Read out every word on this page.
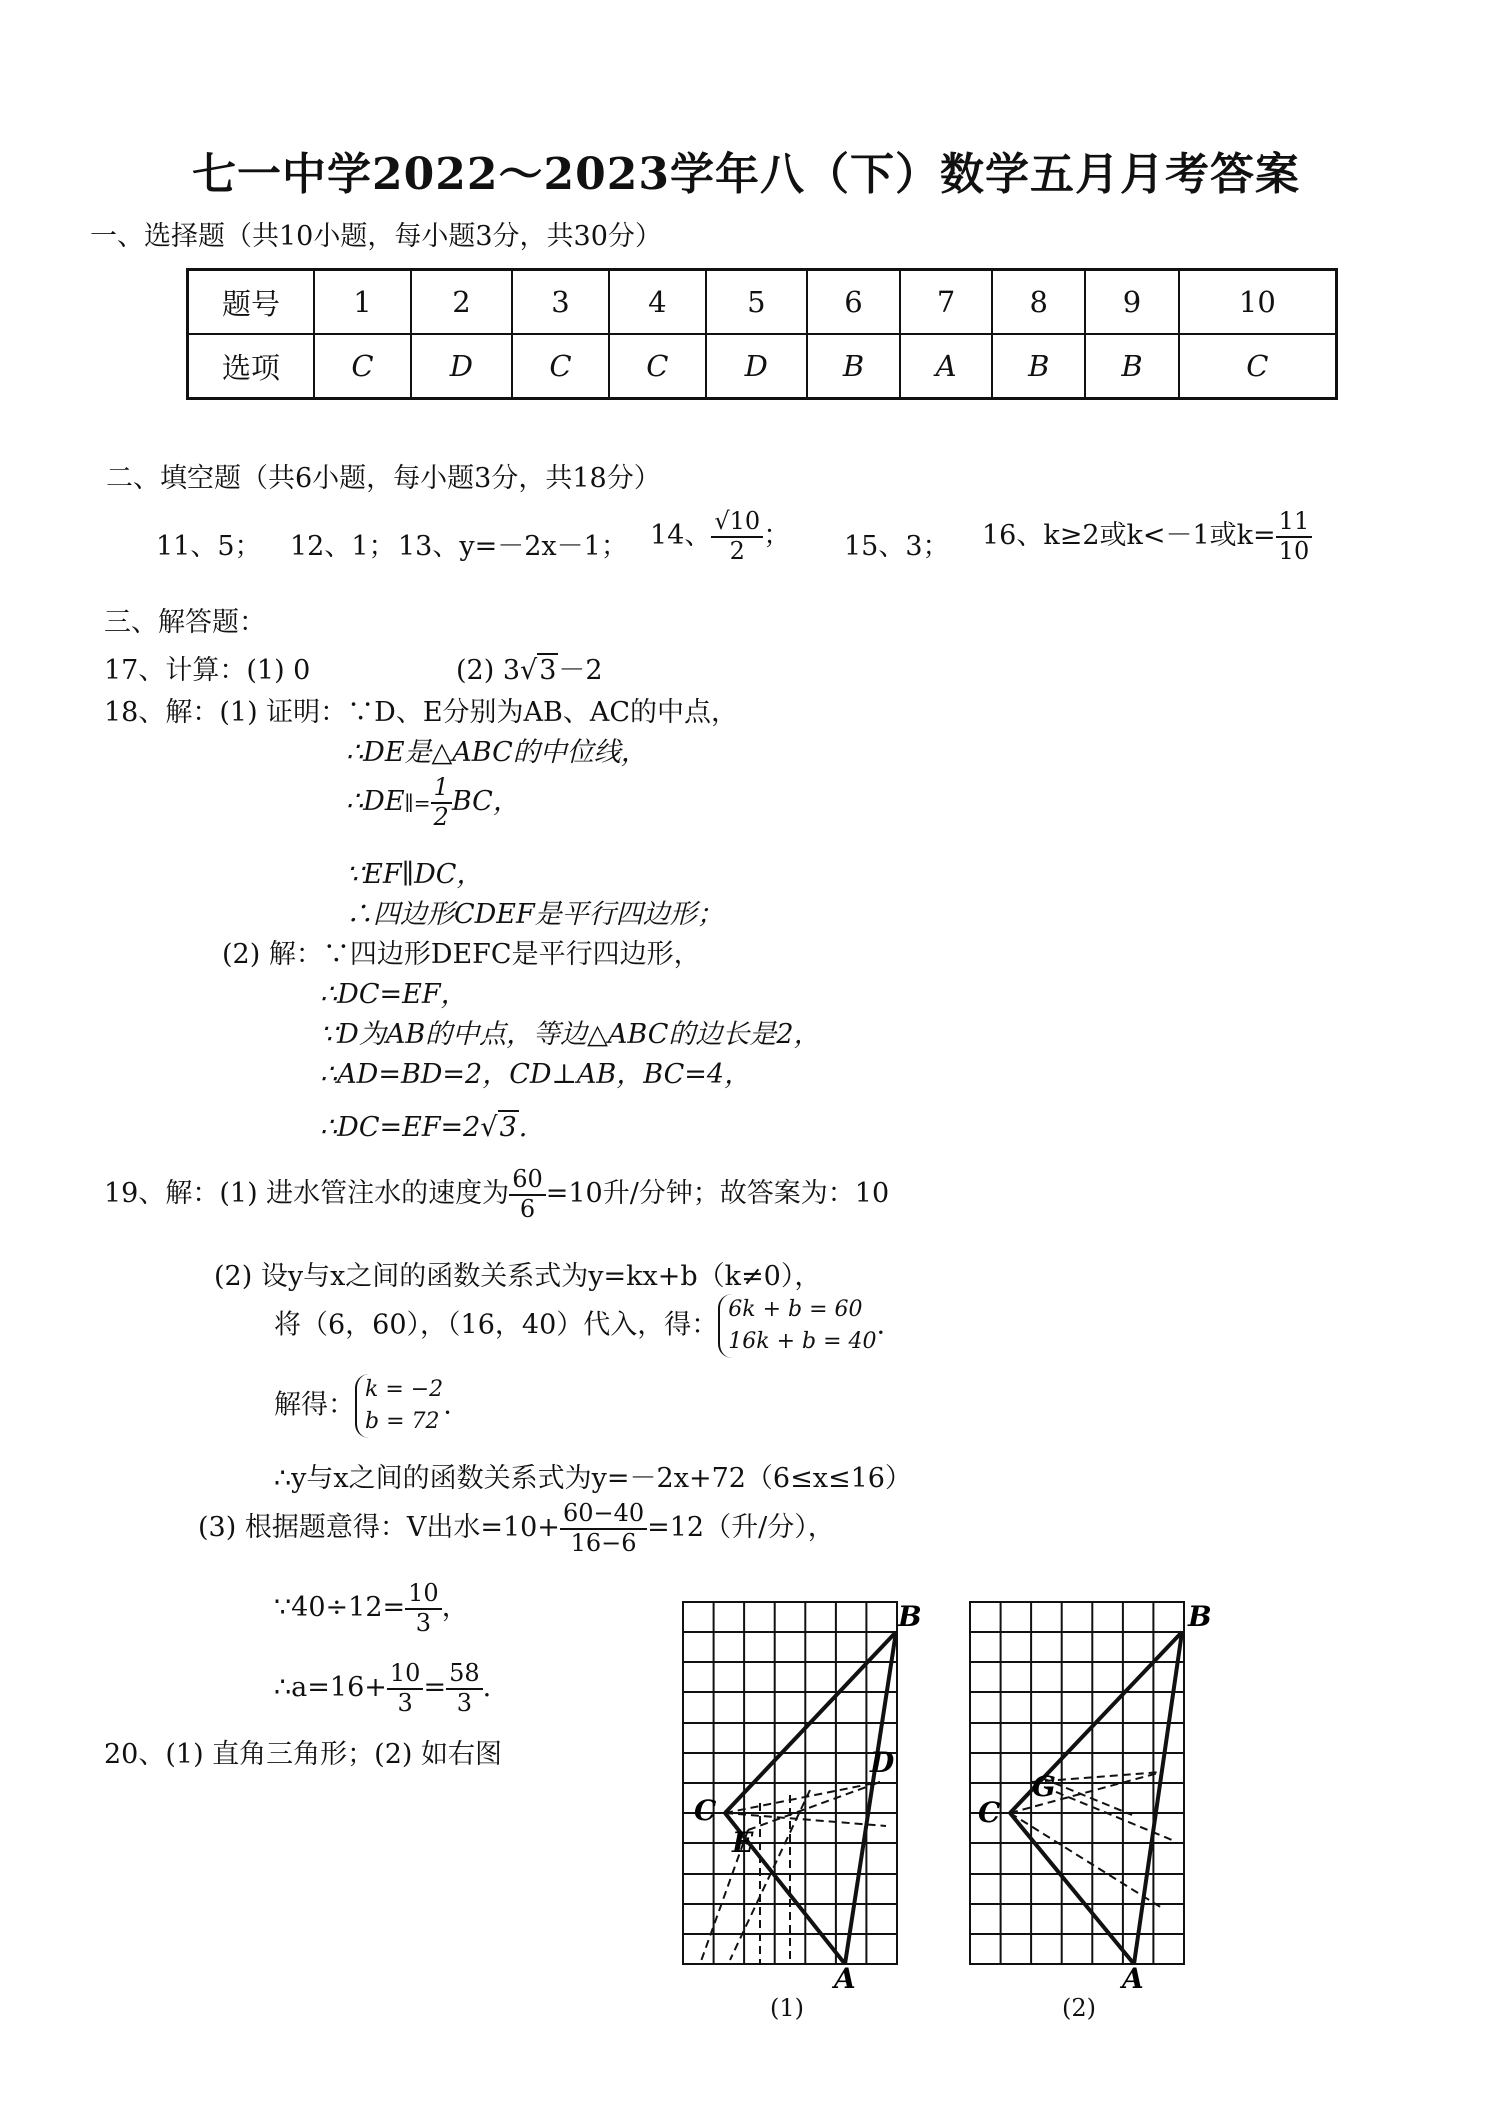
七一中学2022～2023学年八（下）数学五月月考答案
一、选择题（共10小题，每小题3分，共30分）
题号	1	2	3	4	5	6	7	8	9	10
选项	C	D	C	C	D	B	A	B	B	C
二、填空题（共6小题，每小题3分，共18分）
11、5； 12、1； 13、y=－2x－1； 14、 $\frac{√10}{2}$ ； 15、3； 16、k≥2或k<－1或$k= \frac{11}{10}$
三、解答题：
17、计算：(1) 0	(2) 3√3－2
18、解：(1) 证明：∵D、E分别为AB、AC的中点，
∴DE是△ABC的中位线，
∴DE∥= $\frac{1}{2}$ BC，
∵EF∥DC，
∴四边形CDEF是平行四边形；
(2) 解：∵四边形DEFC是平行四边形，
∴DC=EF，
∵D为AB的中点，等边△ABC的边长是2，
∴AD=BD=2，CD⊥AB，BC=4，
∴DC=EF=2√3.
19、解：(1) 进水管注水的速度为 $\frac{60}{6} =10$升/分钟；故答案为：10
(2) 设y与x之间的函数关系式为y=kx+b（k≠0），
将（6，60），（16，40）代入，得： 6k + b = 60
16k + b = 40
.
解得： k = −2
b = 72
.
∴y与x之间的函数关系式为y=－2x+72（6≤x≤16）
(3) 根据题意得：V出水$=10+ \frac{60-40}{16-6} =12$（升/分），
∵40÷12= $\frac{10}{3}$ ，
∴a=16+ $\frac{10}{3} = \frac{58}{3}$ .
20、(1) 直角三角形；(2) 如右图
B
C
D
E
A
(1)
B
C
G
A
(2)
